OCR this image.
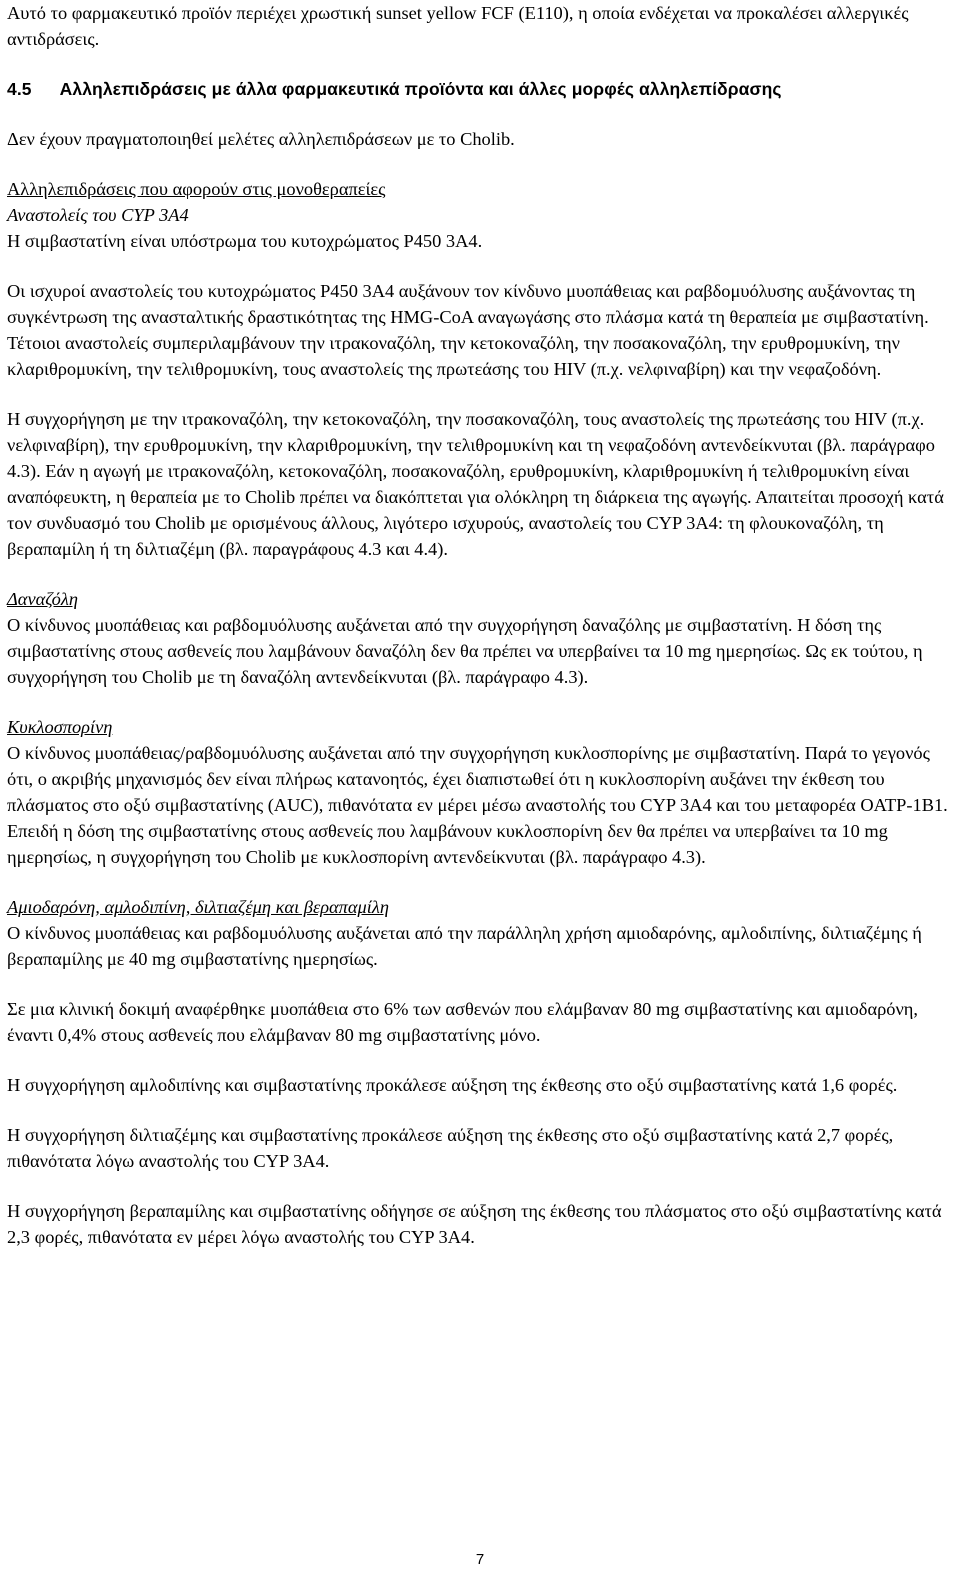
Αυτό το φαρμακευτικό προϊόν περιέχει χρωστική sunset yellow FCF (E110), η οποία ενδέχεται να προκαλέσει αλλεργικές αντιδράσεις.

4.5 Αλληλεπιδράσεις με άλλα φαρμακευτικά προϊόντα και άλλες μορφές αλληλεπίδρασης

Δεν έχουν πραγματοποιηθεί μελέτες αλληλεπιδράσεων με το Cholib.

Αλληλεπιδράσεις που αφορούν στις μονοθεραπείες

Αναστολείς του CYP 3A4

Η σιμβαστατίνη είναι υπόστρωμα του κυτοχρώματος P450 3A4.

Οι ισχυροί αναστολείς του κυτοχρώματος P450 3A4 αυξάνουν τον κίνδυνο μυοπάθειας και ραβδομυόλυσης αυξάνοντας τη συγκέντρωση της ανασταλτικής δραστικότητας της HMG-CoA αναγωγάσης στο πλάσμα κατά τη θεραπεία με σιμβαστατίνη. Τέτοιοι αναστολείς συμπεριλαμβάνουν την ιτρακοναζόλη, την κετοκοναζόλη, την ποσακοναζόλη, την ερυθρομυκίνη, την κλαριθρομυκίνη, την τελιθρομυκίνη, τους αναστολείς της πρωτεάσης του HIV (π.χ. νελφιναβίρη) και την νεφαζοδόνη.

Η συγχορήγηση με την ιτρακοναζόλη, την κετοκοναζόλη, την ποσακοναζόλη, τους αναστολείς της πρωτεάσης του HIV (π.χ. νελφιναβίρη), την ερυθρομυκίνη, την κλαριθρομυκίνη, την τελιθρομυκίνη και τη νεφαζοδόνη αντενδείκνυται (βλ. παράγραφο 4.3). Εάν η αγωγή με ιτρακοναζόλη, κετοκοναζόλη, ποσακοναζόλη, ερυθρομυκίνη, κλαριθρομυκίνη ή τελιθρομυκίνη είναι αναπόφευκτη, η θεραπεία με το Cholib πρέπει να διακόπτεται για ολόκληρη τη διάρκεια της αγωγής. Απαιτείται προσοχή κατά τον συνδυασμό του Cholib με ορισμένους άλλους, λιγότερο ισχυρούς, αναστολείς του CYP 3A4: τη φλουκοναζόλη, τη βεραπαμίλη ή τη διλτιαζέμη (βλ. παραγράφους 4.3 και 4.4).

Δαναζόλη

Ο κίνδυνος μυοπάθειας και ραβδομυόλυσης αυξάνεται από την συγχορήγηση δαναζόλης με σιμβαστατίνη. Η δόση της σιμβαστατίνης στους ασθενείς που λαμβάνουν δαναζόλη δεν θα πρέπει να υπερβαίνει τα 10 mg ημερησίως. Ως εκ τούτου, η συγχορήγηση του Cholib με τη δαναζόλη αντενδείκνυται (βλ. παράγραφο 4.3).

Κυκλοσπορίνη

Ο κίνδυνος μυοπάθειας/ραβδομυόλυσης αυξάνεται από την συγχορήγηση κυκλοσπορίνης με σιμβαστατίνη. Παρά το γεγονός ότι, ο ακριβής μηχανισμός δεν είναι πλήρως κατανοητός, έχει διαπιστωθεί ότι η κυκλοσπορίνη αυξάνει την έκθεση του πλάσματος στο οξύ σιμβαστατίνης (AUC), πιθανότατα εν μέρει μέσω αναστολής του CYP 3A4 και του μεταφορέα OATP-1B1. Επειδή η δόση της σιμβαστατίνης στους ασθενείς που λαμβάνουν κυκλοσπορίνη δεν θα πρέπει να υπερβαίνει τα 10 mg ημερησίως, η συγχορήγηση του Cholib με κυκλοσπορίνη αντενδείκνυται (βλ. παράγραφο 4.3).

Αμιοδαρόνη, αμλοδιπίνη, διλτιαζέμη και βεραπαμίλη

Ο κίνδυνος μυοπάθειας και ραβδομυόλυσης αυξάνεται από την παράλληλη χρήση αμιοδαρόνης, αμλοδιπίνης, διλτιαζέμης ή βεραπαμίλης με 40 mg σιμβαστατίνης ημερησίως.

Σε μια κλινική δοκιμή αναφέρθηκε μυοπάθεια στο 6% των ασθενών που ελάμβαναν 80 mg σιμβαστατίνης και αμιοδαρόνη, έναντι 0,4% στους ασθενείς που ελάμβαναν 80 mg σιμβαστατίνης μόνο.

Η συγχορήγηση αμλοδιπίνης και σιμβαστατίνης προκάλεσε αύξηση της έκθεσης στο οξύ σιμβαστατίνης κατά 1,6 φορές.

Η συγχορήγηση διλτιαζέμης και σιμβαστατίνης προκάλεσε αύξηση της έκθεσης στο οξύ σιμβαστατίνης κατά 2,7 φορές, πιθανότατα λόγω αναστολής του CYP 3A4.

Η συγχορήγηση βεραπαμίλης και σιμβαστατίνης οδήγησε σε αύξηση της έκθεσης του πλάσματος στο οξύ σιμβαστατίνης κατά 2,3 φορές, πιθανότατα εν μέρει λόγω αναστολής του CYP 3A4.

7
